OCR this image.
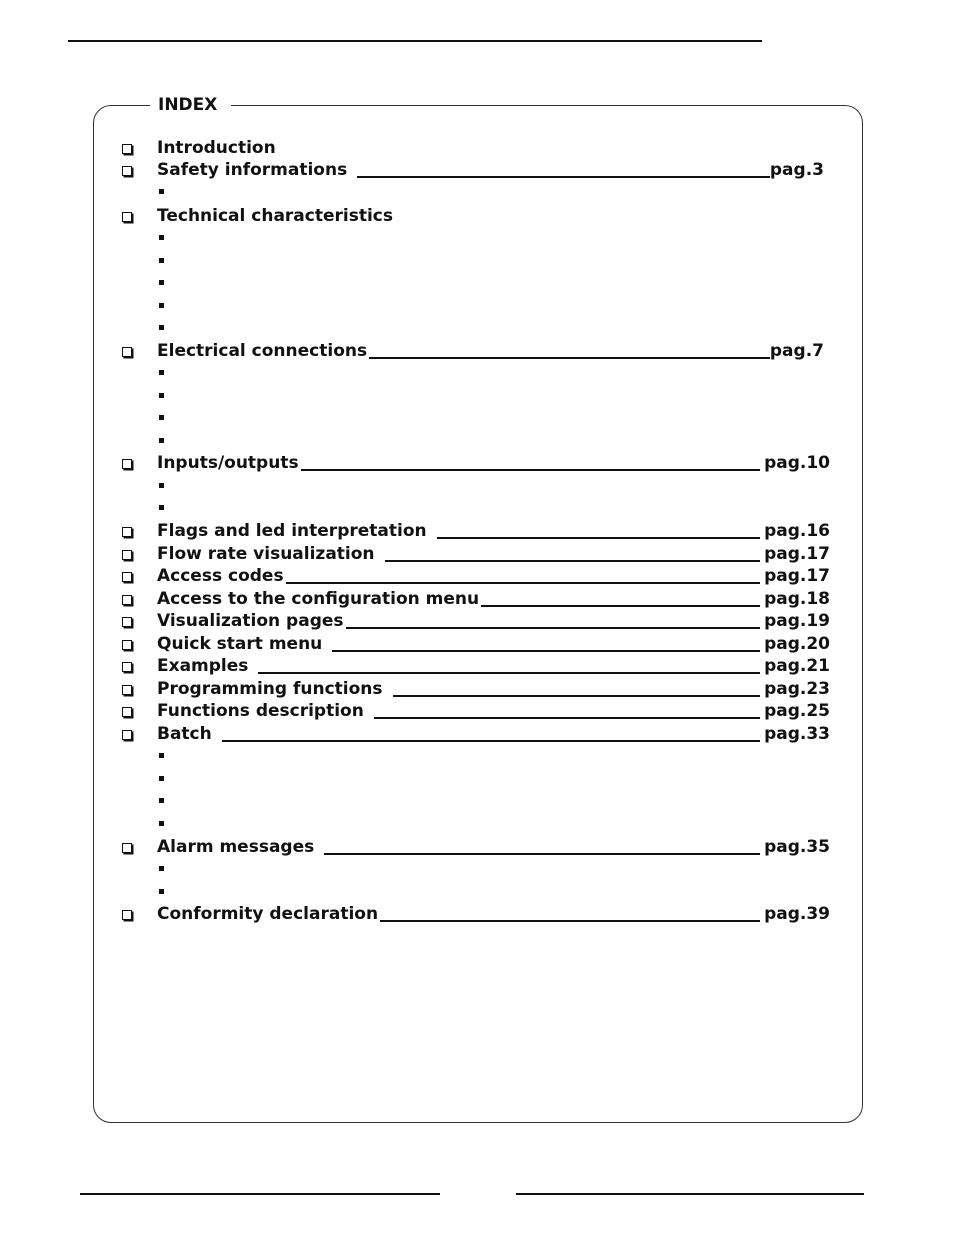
INDEX
Introduction
Safety informations	pag.3
Technical characteristics
Electrical connections	pag.7
Inputs/outputs	pag.10
Flags and led interpretation	pag.16
Flow rate visualization	pag.17
Access codes	pag.17
Access to the configuration menu	pag.18
Visualization pages	pag.19
Quick start menu	pag.20
Examples	pag.21
Programming functions	pag.23
Functions description	pag.25
Batch	pag.33
Alarm messages	pag.35
Conformity declaration	pag.39
